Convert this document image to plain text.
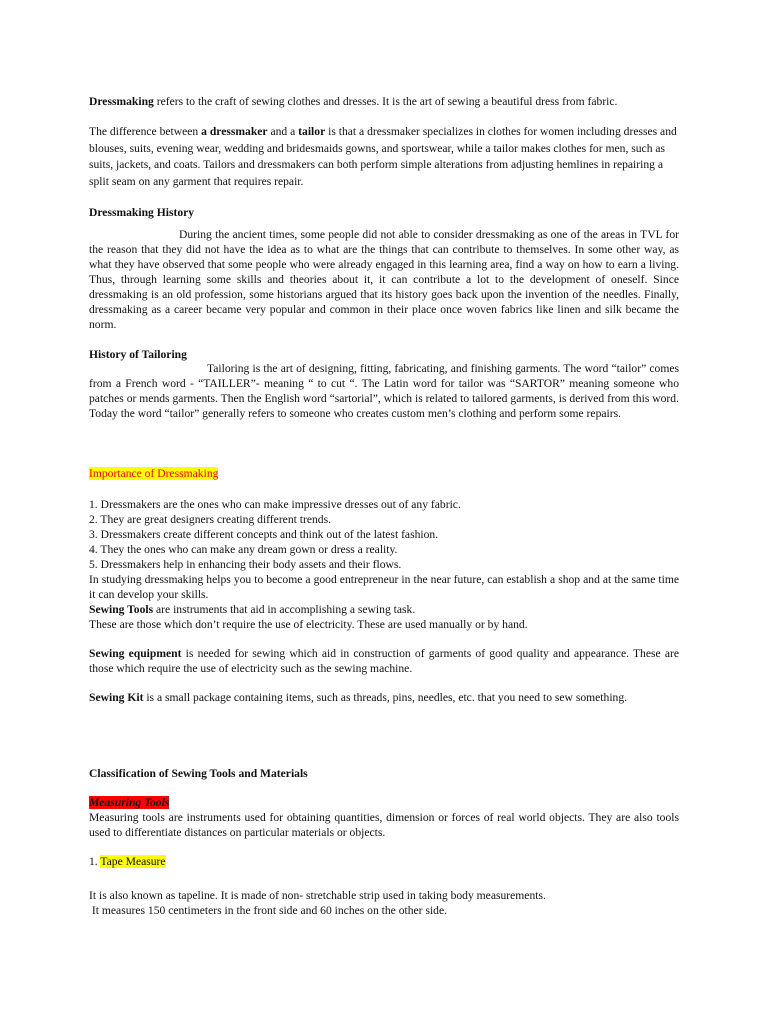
Dressmaking refers to the craft of sewing clothes and dresses. It is the art of sewing a beautiful dress from fabric.

The difference between a dressmaker and a tailor is that a dressmaker specializes in clothes for women including dresses and blouses, suits, evening wear, wedding and bridesmaids gowns, and sportswear, while a tailor makes clothes for men, such as suits, jackets, and coats. Tailors and dressmakers can both perform simple alterations from adjusting hemlines in repairing a split seam on any garment that requires repair.

Dressmaking History

During the ancient times, some people did not able to consider dressmaking as one of the areas in TVL for the reason that they did not have the idea as to what are the things that can contribute to themselves. In some other way, as what they have observed that some people who were already engaged in this learning area, find a way on how to earn a living. Thus, through learning some skills and theories about it, it can contribute a lot to the development of oneself. Since dressmaking is an old profession, some historians argued that its history goes back upon the invention of the needles. Finally, dressmaking as a career became very popular and common in their place once woven fabrics like linen and silk became the norm.

History of Tailoring

Tailoring is the art of designing, fitting, fabricating, and finishing garments. The word “tailor” comes from a French word - “TAILLER”- meaning “ to cut “. The Latin word for tailor was “SARTOR” meaning someone who patches or mends garments. Then the English word “sartorial”, which is related to tailored garments, is derived from this word. Today the word “tailor” generally refers to someone who creates custom men’s clothing and perform some repairs.

Importance of Dressmaking

1. Dressmakers are the ones who can make impressive dresses out of any fabric.

2. They are great designers creating different trends.

3. Dressmakers create different concepts and think out of the latest fashion.

4. They the ones who can make any dream gown or dress a reality.

5. Dressmakers help in enhancing their body assets and their flows.

In studying dressmaking helps you to become a good entrepreneur in the near future, can establish a shop and at the same time it can develop your skills.

Sewing Tools are instruments that aid in accomplishing a sewing task.

These are those which don’t require the use of electricity. These are used manually or by hand.

Sewing equipment is needed for sewing which aid in construction of garments of good quality and appearance. These are those which require the use of electricity such as the sewing machine.

Sewing Kit is a small package containing items, such as threads, pins, needles, etc. that you need to sew something.

Classification of Sewing Tools and Materials

Measuring Tools

Measuring tools are instruments used for obtaining quantities, dimension or forces of real world objects. They are also tools used to differentiate distances on particular materials or objects.

1. Tape Measure

It is also known as tapeline. It is made of non- stretchable strip used in taking body measurements.

It measures 150 centimeters in the front side and 60 inches on the other side.
